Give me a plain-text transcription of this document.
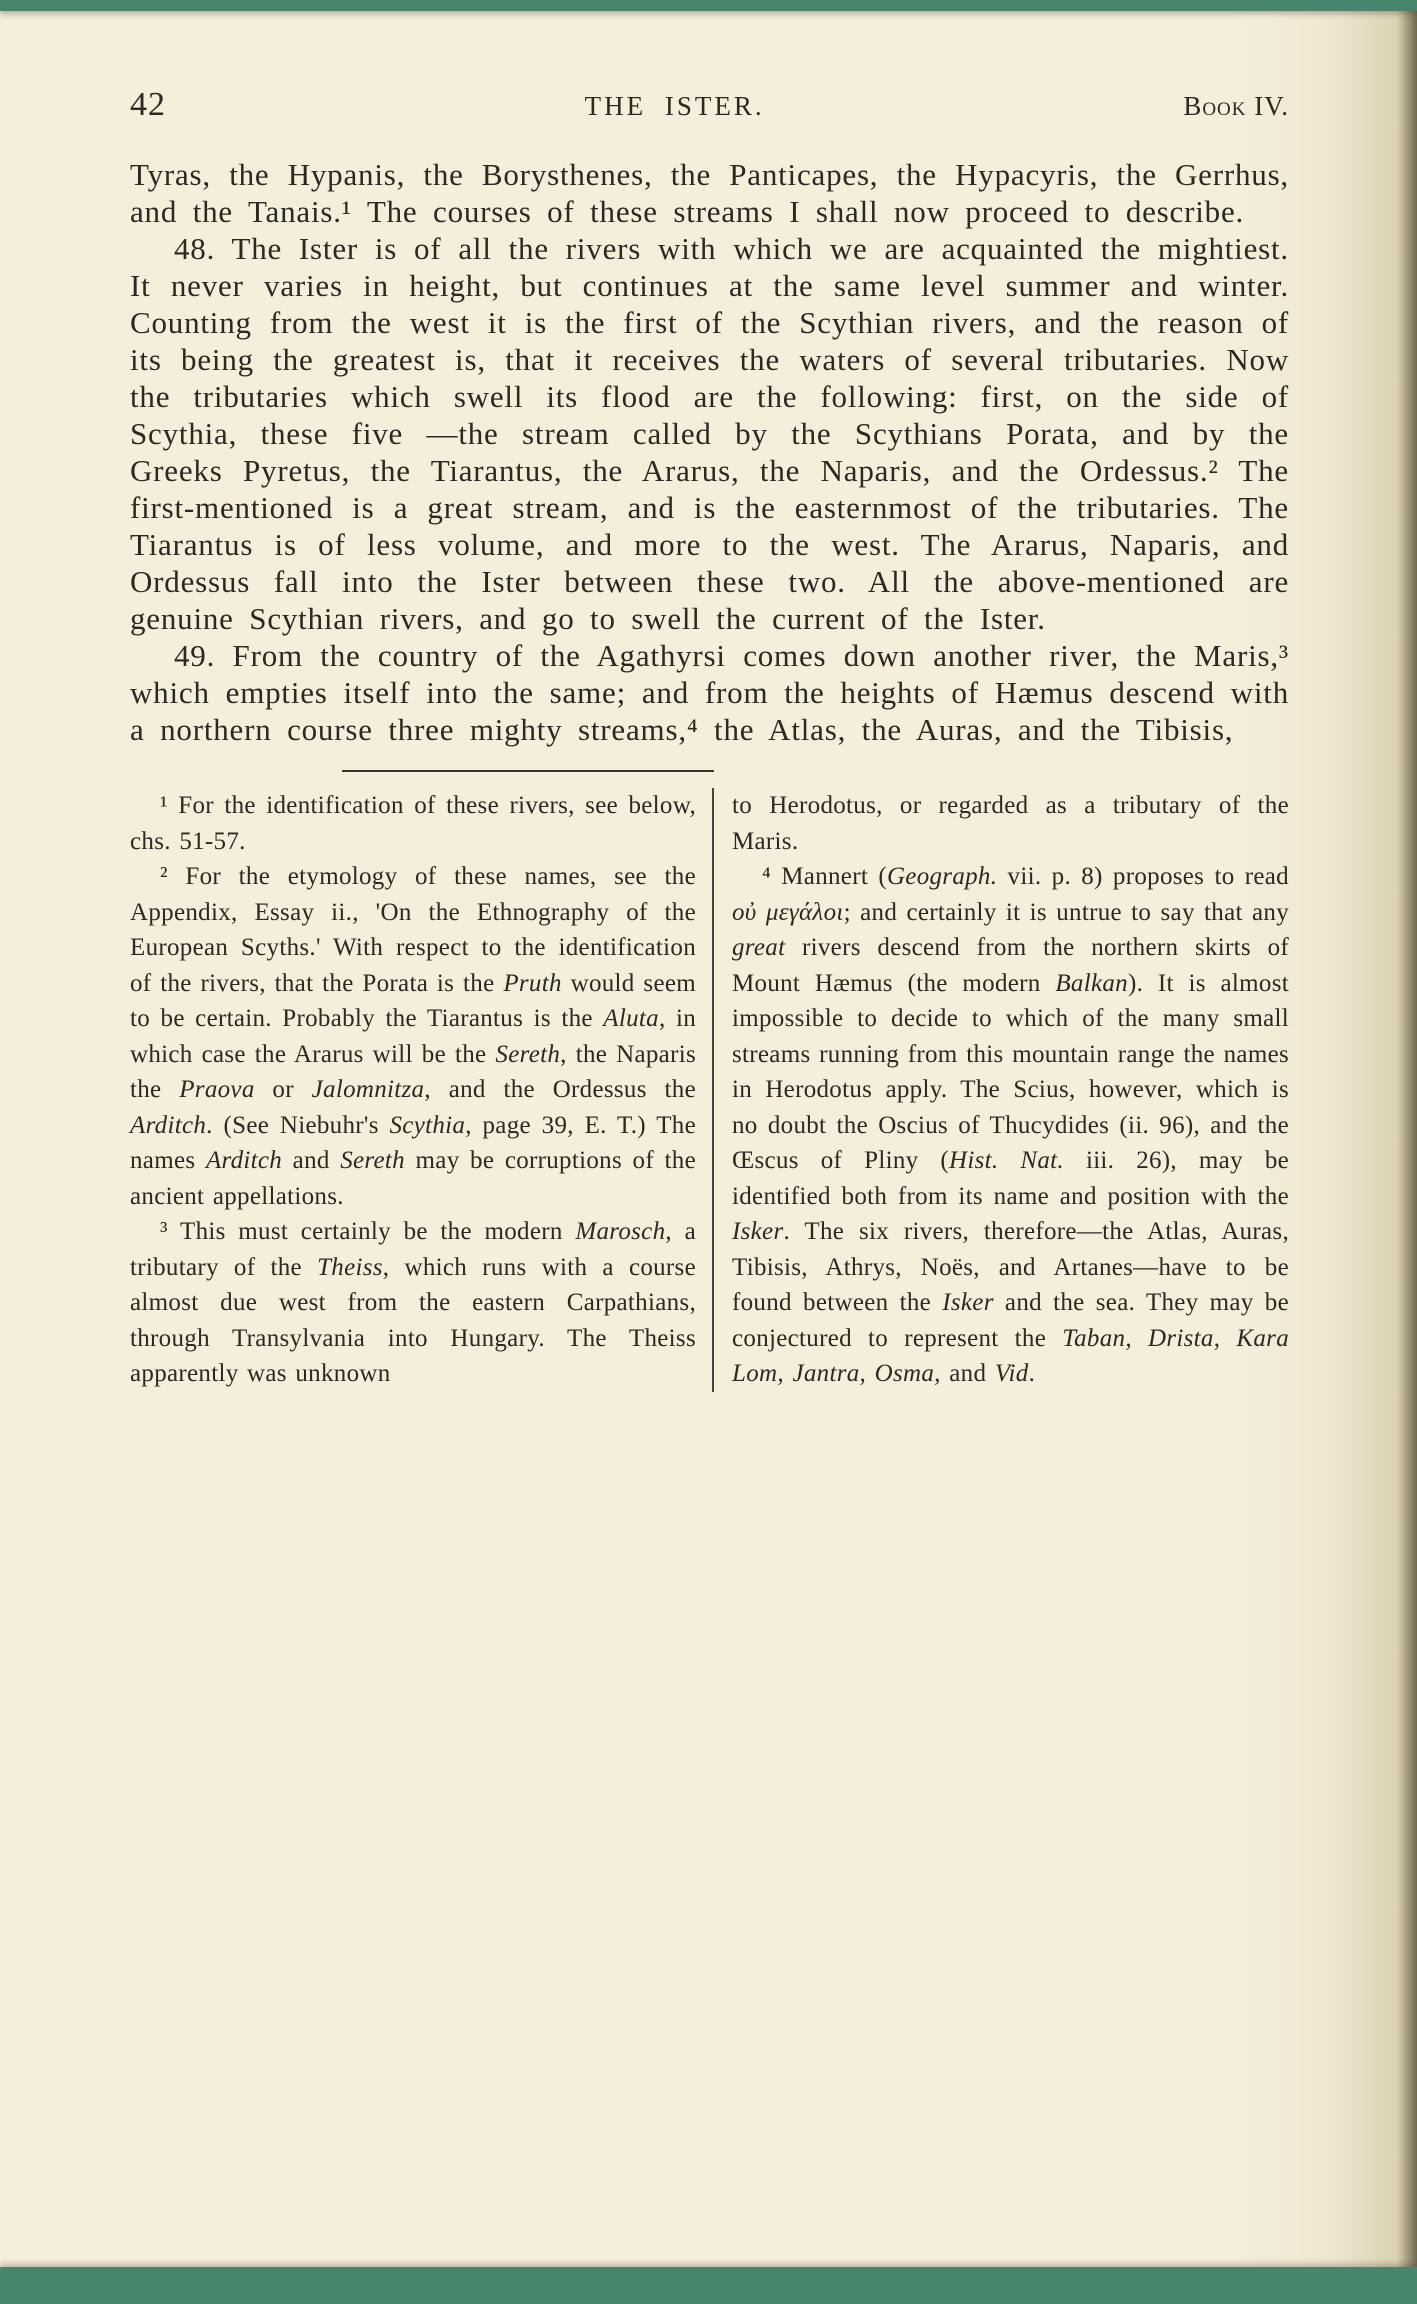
42	THE ISTER.	Book IV.

Tyras, the Hypanis, the Borysthenes, the Panticapes, the Hypacyris, the Gerrhus, and the Tanais.¹ The courses of these streams I shall now proceed to describe.

48. The Ister is of all the rivers with which we are acquainted the mightiest. It never varies in height, but continues at the same level summer and winter. Counting from the west it is the first of the Scythian rivers, and the reason of its being the greatest is, that it receives the waters of several tributaries. Now the tributaries which swell its flood are the following: first, on the side of Scythia, these five —the stream called by the Scythians Porata, and by the Greeks Pyretus, the Tiarantus, the Ararus, the Naparis, and the Ordessus.² The first-mentioned is a great stream, and is the easternmost of the tributaries. The Tiarantus is of less volume, and more to the west. The Ararus, Naparis, and Ordessus fall into the Ister between these two. All the above-mentioned are genuine Scythian rivers, and go to swell the current of the Ister.

49. From the country of the Agathyrsi comes down another river, the Maris,³ which empties itself into the same; and from the heights of Hæmus descend with a northern course three mighty streams,⁴ the Atlas, the Auras, and the Tibisis,

¹ For the identification of these rivers, see below, chs. 51-57.

² For the etymology of these names, see the Appendix, Essay ii., 'On the Ethnography of the European Scyths.' With respect to the identification of the rivers, that the Porata is the Pruth would seem to be certain. Probably the Tiarantus is the Aluta, in which case the Ararus will be the Sereth, the Naparis the Praova or Jalomnitza, and the Ordessus the Arditch. (See Niebuhr's Scythia, page 39, E. T.) The names Arditch and Sereth may be corruptions of the ancient appellations.

³ This must certainly be the modern Marosch, a tributary of the Theiss, which runs with a course almost due west from the eastern Carpathians, through Transylvania into Hungary. The Theiss apparently was unknown

to Herodotus, or regarded as a tributary of the Maris.

⁴ Mannert (Geograph. vii. p. 8) proposes to read οὐ μεγάλοι; and certainly it is untrue to say that any great rivers descend from the northern skirts of Mount Hæmus (the modern Balkan). It is almost impossible to decide to which of the many small streams running from this mountain range the names in Herodotus apply. The Scius, however, which is no doubt the Oscius of Thucydides (ii. 96), and the Œscus of Pliny (Hist. Nat. iii. 26), may be identified both from its name and position with the Isker. The six rivers, therefore—the Atlas, Auras, Tibisis, Athrys, Noës, and Artanes—have to be found between the Isker and the sea. They may be conjectured to represent the Taban, Drista, Kara Lom, Jantra, Osma, and Vid.
